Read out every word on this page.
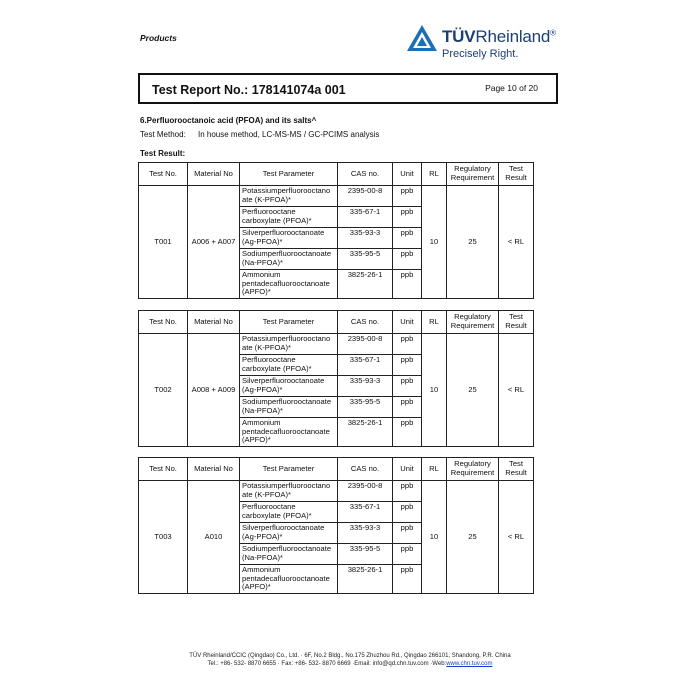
Products	TÜVRheinland®
Precisely Right.
Test Report No.: 178141074a 001	Page 10 of 20
6.Perfluorooctanoic acid (PFOA) and its salts^
Test Method: In house method, LC-MS-MS / GC-PCIMS analysis
Test Result:
Test No.	Material No	Test Parameter	CAS no.	Unit	RL	Regulatory Requirement	Test Result
T001	A006 + A007	Potassiumperfluorooctano ate (K-PFOA)*	2395-00-8	ppb	10	25	< RL
		Perfluorooctane carboxylate (PFOA)*	335-67-1	ppb			
		Silverperfluorooctanoate (Ag-PFOA)*	335-93-3	ppb			
		Sodiumperfluorooctanoate (Na-PFOA)*	335-95-5	ppb			
		Ammonium pentadecafluorooctanoate (APFO)*	3825-26-1	ppb			
Test No.	Material No	Test Parameter	CAS no.	Unit	RL	Regulatory Requirement	Test Result
T002	A008 + A009	Potassiumperfluorooctano ate (K-PFOA)*	2395-00-8	ppb	10	25	< RL
		Perfluorooctane carboxylate (PFOA)*	335-67-1	ppb			
		Silverperfluorooctanoate (Ag-PFOA)*	335-93-3	ppb			
		Sodiumperfluorooctanoate (Na-PFOA)*	335-95-5	ppb			
		Ammonium pentadecafluorooctanoate (APFO)*	3825-26-1	ppb			
Test No.	Material No	Test Parameter	CAS no.	Unit	RL	Regulatory Requirement	Test Result
T003	A010	Potassiumperfluorooctano ate (K-PFOA)*	2395-00-8	ppb	10	25	< RL
		Perfluorooctane carboxylate (PFOA)*	335-67-1	ppb			
		Silverperfluorooctanoate (Ag-PFOA)*	335-93-3	ppb			
		Sodiumperfluorooctanoate (Na-PFOA)*	335-95-5	ppb			
		Ammonium pentadecafluorooctanoate (APFO)*	3825-26-1	ppb			
TÜV Rheinland/CCIC (Qingdao) Co., Ltd. · 6F, No.2 Bldg., No.175 Zhuzhou Rd., Qingdao 266101, Shandong, P.R. China
Tel.: +86- 532- 8870 6655 · Fax: +86- 532- 8870 6669 ·Email: info@qd.chn.tuv.com ·Web:www.chn.tuv.com
